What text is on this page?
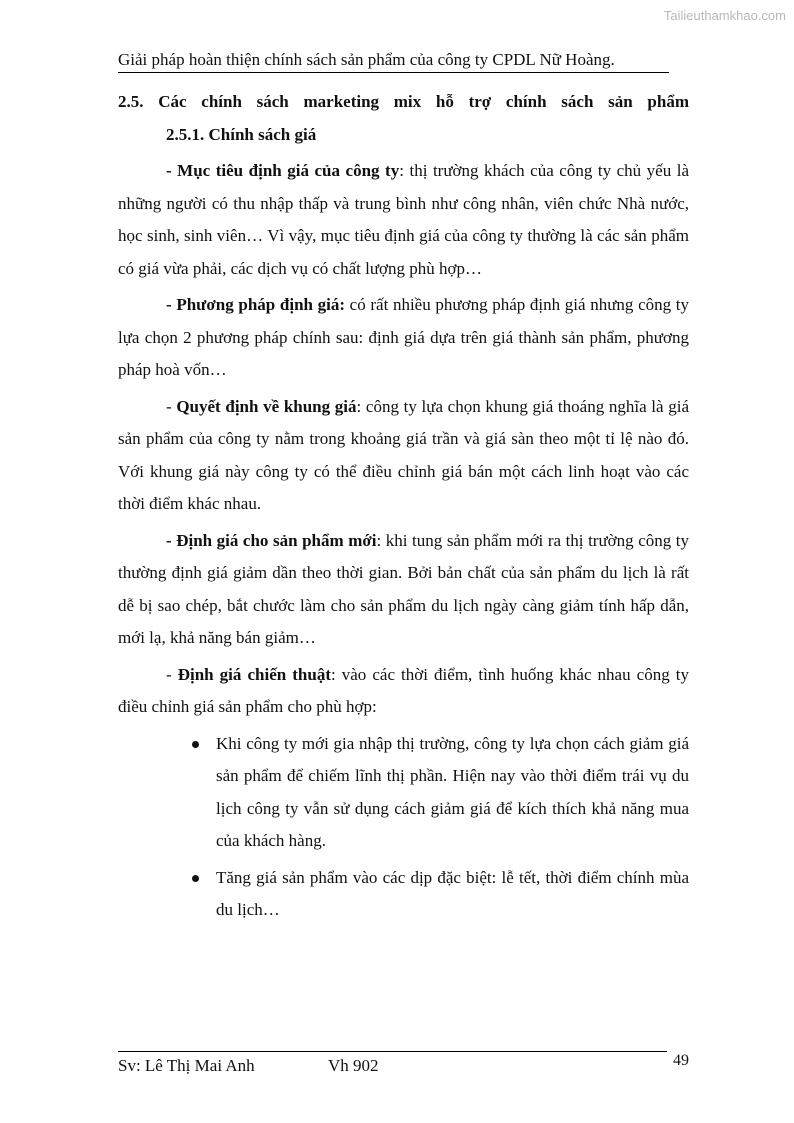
Tailieuthamkhao.com
Giải pháp hoàn thiện chính sách sản phẩm của công ty CPDL Nữ Hoàng.

2.5. Các chính sách marketing mix hỗ trợ chính sách sản phẩm

2.5.1. Chính sách giá

- Mục tiêu định giá của công ty: thị trường khách của công ty chủ yếu là những người có thu nhập thấp và trung bình như công nhân, viên chức Nhà nước, học sinh, sinh viên… Vì vậy, mục tiêu định giá của công ty thường là các sản phẩm có giá vừa phải, các dịch vụ có chất lượng phù hợp…

- Phương pháp định giá: có rất nhiều phương pháp định giá nhưng công ty lựa chọn 2 phương pháp chính sau: định giá dựa trên giá thành sản phẩm, phương pháp hoà vốn…

- Quyết định về khung giá: công ty lựa chọn khung giá thoáng nghĩa là giá sản phẩm của công ty nằm trong khoảng giá trần và giá sàn theo một tỉ lệ nào đó. Với khung giá này công ty có thể điều chỉnh giá bán một cách linh hoạt vào các thời điểm khác nhau.

- Định giá cho sản phẩm mới: khi tung sản phẩm mới ra thị trường công ty thường định giá giảm dần theo thời gian. Bởi bản chất của sản phẩm du lịch là rất dễ bị sao chép, bắt chước làm cho sản phẩm du lịch ngày càng giảm tính hấp dẫn, mới lạ, khả năng bán giảm…

- Định giá chiến thuật: vào các thời điểm, tình huống khác nhau công ty điều chỉnh giá sản phẩm cho phù hợp:

Khi công ty mới gia nhập thị trường, công ty lựa chọn cách giảm giá sản phẩm để chiếm lĩnh thị phần. Hiện nay vào thời điểm trái vụ du lịch công ty vẫn sử dụng cách giảm giá để kích thích khả năng mua của khách hàng.
Tăng giá sản phẩm vào các dịp đặc biệt: lễ tết, thời điểm chính mùa du lịch…
Sv: Lê Thị Mai Anh	Vh 902	49
